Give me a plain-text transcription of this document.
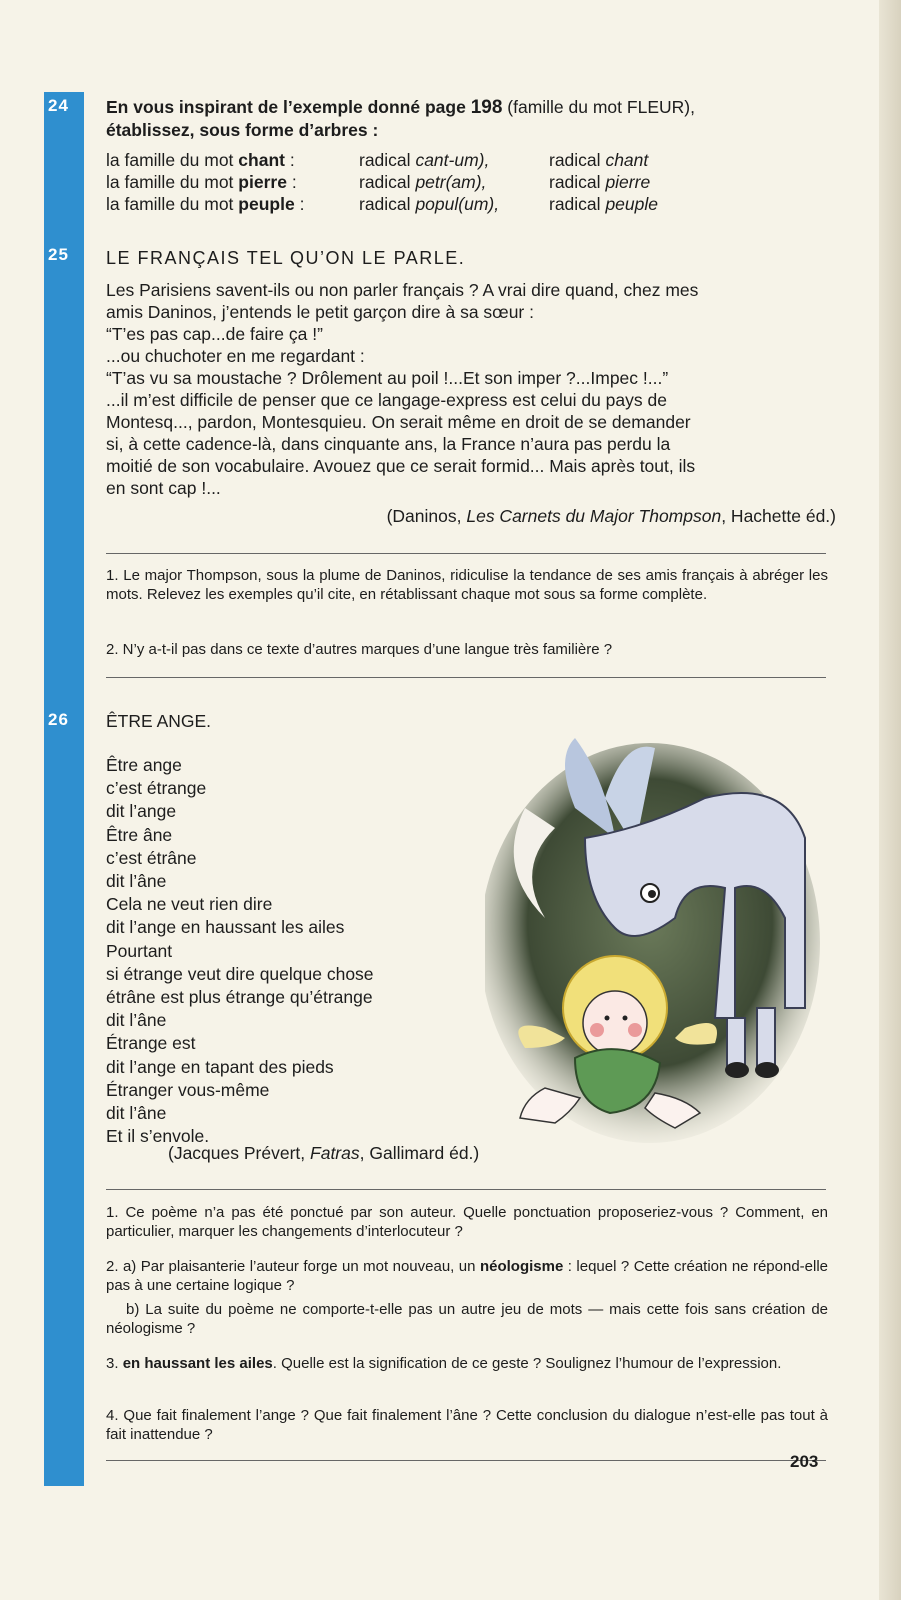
24	En vous inspirant de l’exemple donné page 198 (famille du mot FLEUR),
établissez, sous forme d’arbres :
la famille du mot chant :	radical cant-um),	radical chant
la famille du mot pierre :	radical petr(am),	radical pierre
la famille du mot peuple :	radical popul(um),	radical peuple
25	LE FRANÇAIS TEL QU’ON LE PARLE.
Les Parisiens savent-ils ou non parler français ? A vrai dire quand, chez mes
amis Daninos, j’entends le petit garçon dire à sa sœur :
“T’es pas cap...de faire ça !”
...ou chuchoter en me regardant :
“T’as vu sa moustache ? Drôlement au poil !...Et son imper ?...Impec !...”
...il m’est difficile de penser que ce langage-express est celui du pays de
Montesq..., pardon, Montesquieu. On serait même en droit de se demander
si, à cette cadence-là, dans cinquante ans, la France n’aura pas perdu la
moitié de son vocabulaire. Avouez que ce serait formid... Mais après tout, ils
en sont cap !...
(Daninos, Les Carnets du Major Thompson, Hachette éd.)
1. Le major Thompson, sous la plume de Daninos, ridiculise la tendance de ses amis français à abréger les mots. Relevez les exemples qu’il cite, en rétablissant chaque mot sous sa forme complète.
2. N’y a-t-il pas dans ce texte d’autres marques d’une langue très familière ?
26	ÊTRE ANGE.
Être ange
c’est étrange
dit l’ange
Être âne
c’est étrâne
dit l’âne
Cela ne veut rien dire
dit l’ange en haussant les ailes
Pourtant
si étrange veut dire quelque chose
étrâne est plus étrange qu’étrange
dit l’âne
Étrange est
dit l’ange en tapant des pieds
Étranger vous-même
dit l’âne
Et il s’envole.
(Jacques Prévert, Fatras, Gallimard éd.)
1. Ce poème n’a pas été ponctué par son auteur. Quelle ponctuation proposeriez-vous ? Comment, en particulier, marquer les changements d’interlocuteur ?
2. a) Par plaisanterie l’auteur forge un mot nouveau, un néologisme : lequel ? Cette création ne répond-elle pas à une certaine logique ?
b) La suite du poème ne comporte-t-elle pas un autre jeu de mots — mais cette fois sans création de néologisme ?
3. en haussant les ailes. Quelle est la signification de ce geste ? Soulignez l’humour de l’expression.
4. Que fait finalement l’ange ? Que fait finalement l’âne ? Cette conclusion du dialogue n’est-elle pas tout à fait inattendue ?
203
